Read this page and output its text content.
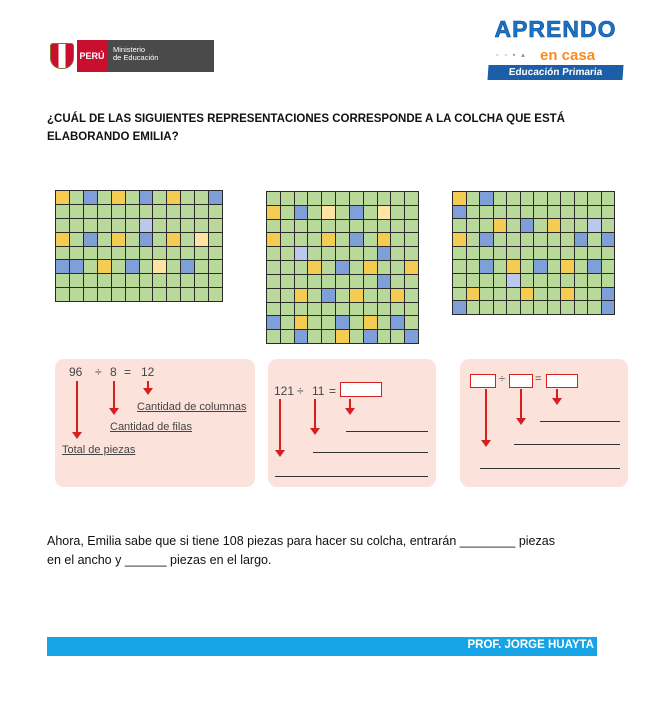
PERÚ
Ministerio
de Educación
APRENDO
▫ ◦ ▪ ▴ en casa
Educación Primaria
¿CUÁL DE LAS SIGUIENTES REPRESENTACIONES CORRESPONDE A LA COLCHA QUE ESTÁ ELABORANDO EMILIA?
96 ÷ 8 = 12
Cantidad de columnas
Cantidad de filas
Total de piezas
121 ÷ 11 =
÷	=
Ahora, Emilia sabe que si tiene 108 piezas para hacer su colcha, entrarán ________ piezas
en el ancho y ______ piezas en el largo.
PROF. JORGE HUAYTA
